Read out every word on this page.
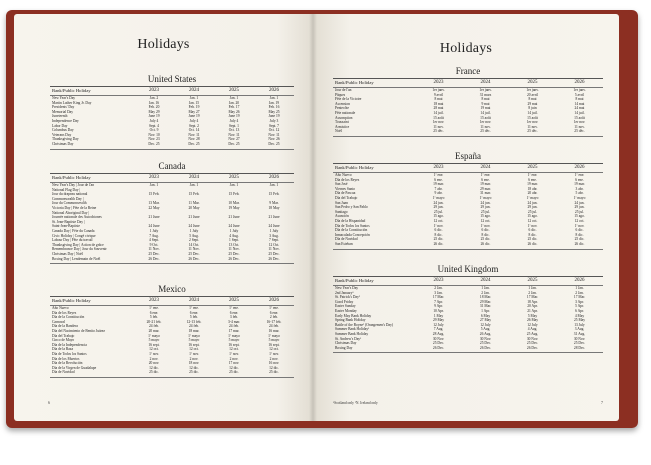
Holidays
United States
Bank/Public Holiday	2023	2024	2025	2026
New Year's Day	Jan. 2	Jan. 1	Jan. 1	Jan. 1
Martin Luther King Jr. Day	Jan. 16	Jan. 15	Jan. 20	Jan. 19
Presidents' Day	Feb. 20	Feb. 19	Feb. 17	Feb. 16
Memorial Day	May 29	May 27	May 26	May 25
Juneteenth	June 19	June 19	June 19	June 19
Independence Day	July 4	July 4	July 4	July 3
Labor Day	Sept. 4	Sept. 2	Sept. 1	Sept. 7
Columbus Day	Oct. 9	Oct. 14	Oct. 13	Oct. 12
Veterans Day	Nov. 10	Nov. 11	Nov. 11	Nov. 11
Thanksgiving Day	Nov. 23	Nov. 28	Nov. 27	Nov. 26
Christmas Day	Dec. 25	Dec. 25	Dec. 25	Dec. 25
Canada
Bank/Public Holiday	2023	2024	2025	2026
New Year's Day | Jour de l'an	Jan. 1	Jan. 1	Jan. 1	Jan. 1
National Flag Day |
Jour du drapeau national	15 Feb.	15 Feb.	15 Feb.	15 Feb.
Commonwealth Day |
Jour du Commonwealth	13 Mar.	11 Mar.	10 Mar.	9 Mar.
Victoria Day | Fête de la Reine	22 May	20 May	19 May	18 May
National Aboriginal Day |
Journée nationale des Autochtones	21 June	21 June	21 June	21 June
St. Jean-Baptiste Day |
Saint-Jean-Baptiste	24 June	24 June	24 June	24 June
Canada Day | Fête du Canada	1 July	1 July	1 July	1 July
Civic Holiday | Congé civique	7 Aug.	5 Aug.	4 Aug.	3 Aug.
Labour Day | Fête du travail	4 Sept.	2 Sept.	1 Sept.	7 Sept.
Thanksgiving Day | Action de grâce	9 Oct.	14 Oct.	13 Oct.	12 Oct.
Remembrance Day | Jour du Souvenir	11 Nov.	11 Nov.	11 Nov.	11 Nov.
Christmas Day | Noël	25 Dec.	25 Dec.	25 Dec.	25 Dec.
Boxing Day | Lendemain de Noël	26 Dec.	26 Dec.	26 Dec.	26 Dec.
Mexico
Bank/Public Holiday	2023	2024	2025	2026
Año Nuevo	1º ene.	1º ene.	1º ene.	1º ene.
Día de los Reyes	6 ene.	6 ene.	6 ene.	6 ene.
Día de la Constitución	5 feb.	5 feb.	3 feb.	2 feb.
Carnaval	20-21 feb.	12-13 feb.	3-4 mar.	16-17 feb.
Día de la Bandera	24 feb.	24 feb.	24 feb.	24 feb.
Día del Nacimiento de Benito Juárez	20 mar.	18 mar.	17 mar.	16 mar.
Día del Trabajo	1º mayo	1º mayo	1º mayo	1º mayo
Cinco de Mayo	5 mayo	5 mayo	5 mayo	5 mayo
Día de la Independencia	16 sept.	16 sept.	16 sept.	16 sept.
Día de la Raza	12 oct.	12 oct.	12 oct.	12 oct.
Día de Todos los Santos	1º nov.	1º nov.	1º nov.	1º nov.
Día de los Muertos	2 nov.	2 nov.	2 nov.	2 nov.
Día de la Revolución	20 nov.	18 nov.	17 nov.	16 nov.
Día de la Virgen de Guadalupe	12 dic.	12 dic.	12 dic.	12 dic.
Día de Navidad	25 dic.	25 dic.	25 dic.	25 dic.
6
Holidays
France
Bank/Public Holiday	2023	2024	2025	2026
Jour de l'an	1er janv.	1er janv.	1er janv.	1er janv.
Pâques	9 avril	31 mars	20 avril	5 avril
Fête de la Victoire	8 mai	8 mai	8 mai	8 mai
Ascension	18 mai	9 mai	29 mai	14 mai
Pentecôte	28 mai	19 mai	8 juin	24 mai
Fête nationale	14 juil.	14 juil.	14 juil.	14 juil.
Assomption	15 août	15 août	15 août	15 août
Toussaint	1er nov.	1er nov.	1er nov.	1er nov.
Armistice	11 nov.	11 nov.	11 nov.	11 nov.
Noël	25 déc.	25 déc.	25 déc.	25 déc.
España
Bank/Public Holiday	2023	2024	2025	2026
Año Nuevo	1º ene.	1º ene.	1º ene.	1º ene.
Día de los Reyes	6 ene.	6 ene.	6 ene.	6 ene.
San José	19 mar.	19 mar.	19 mar.	19 mar.
Viernes Santo	7 abr.	29 mar.	18 abr.	3 abr.
Día de Pascua	9 abr.	31 mar.	20 abr.	5 abr.
Día del Trabajo	1º mayo	1º mayo	1º mayo	1º mayo
San Juan	24 jun.	24 jun.	24 jun.	24 jun.
San Pedro y San Pablo	29 jun.	29 jun.	29 jun.	29 jun.
Santiago	25 jul.	25 jul.	25 jul.	25 jul.
Asunción	15 ago.	15 ago.	15 ago.	15 ago.
Día de la Hispanidad	12 oct.	12 oct.	12 oct.	12 oct.
Día de Todos los Santos	1º nov.	1º nov.	1º nov.	1º nov.
Día de la Constitución	6 dic.	6 dic.	6 dic.	6 dic.
Inmaculada Concepción	8 dic.	8 dic.	8 dic.	8 dic.
Día de Navidad	25 dic.	25 dic.	25 dic.	25 dic.
San Esteban	26 dic.	26 dic.	26 dic.	26 dic.
United Kingdom
Bank/Public Holiday	2023	2024	2025	2026
New Year's Day	2 Jan.	1 Jan.	1 Jan.	1 Jan.
2nd January¹	3 Jan.	2 Jan.	2 Jan.	2 Jan.
St. Patrick's Day²	17 Mar.	18 Mar.	17 Mar.	17 Mar.
Good Friday	7 Apr.	29 Mar.	18 Apr.	3 Apr.
Easter Sunday	9 Apr.	31 Mar.	20 Apr.	5 Apr.
Easter Monday	10 Apr.	1 Apr.	21 Apr.	6 Apr.
Early May Bank Holiday	1 May	6 May	5 May	4 May
Spring Bank Holiday	29 May	27 May	26 May	25 May
Battle of the Boyne² (Orangemen's Day)	12 July	12 July	12 July	13 July
Summer Bank Holiday¹	7 Aug.	5 Aug.	4 Aug.	3 Aug.
Summer Bank Holiday	28 Aug.	26 Aug.	25 Aug.	31 Aug.
St. Andrew's Day¹	30 Nov.	30 Nov.	30 Nov.	30 Nov.
Christmas Day	25 Dec.	25 Dec.	25 Dec.	25 Dec.
Boxing Day	26 Dec.	26 Dec.	26 Dec.	28 Dec.
¹Scotland only ²N. Ireland only	7
